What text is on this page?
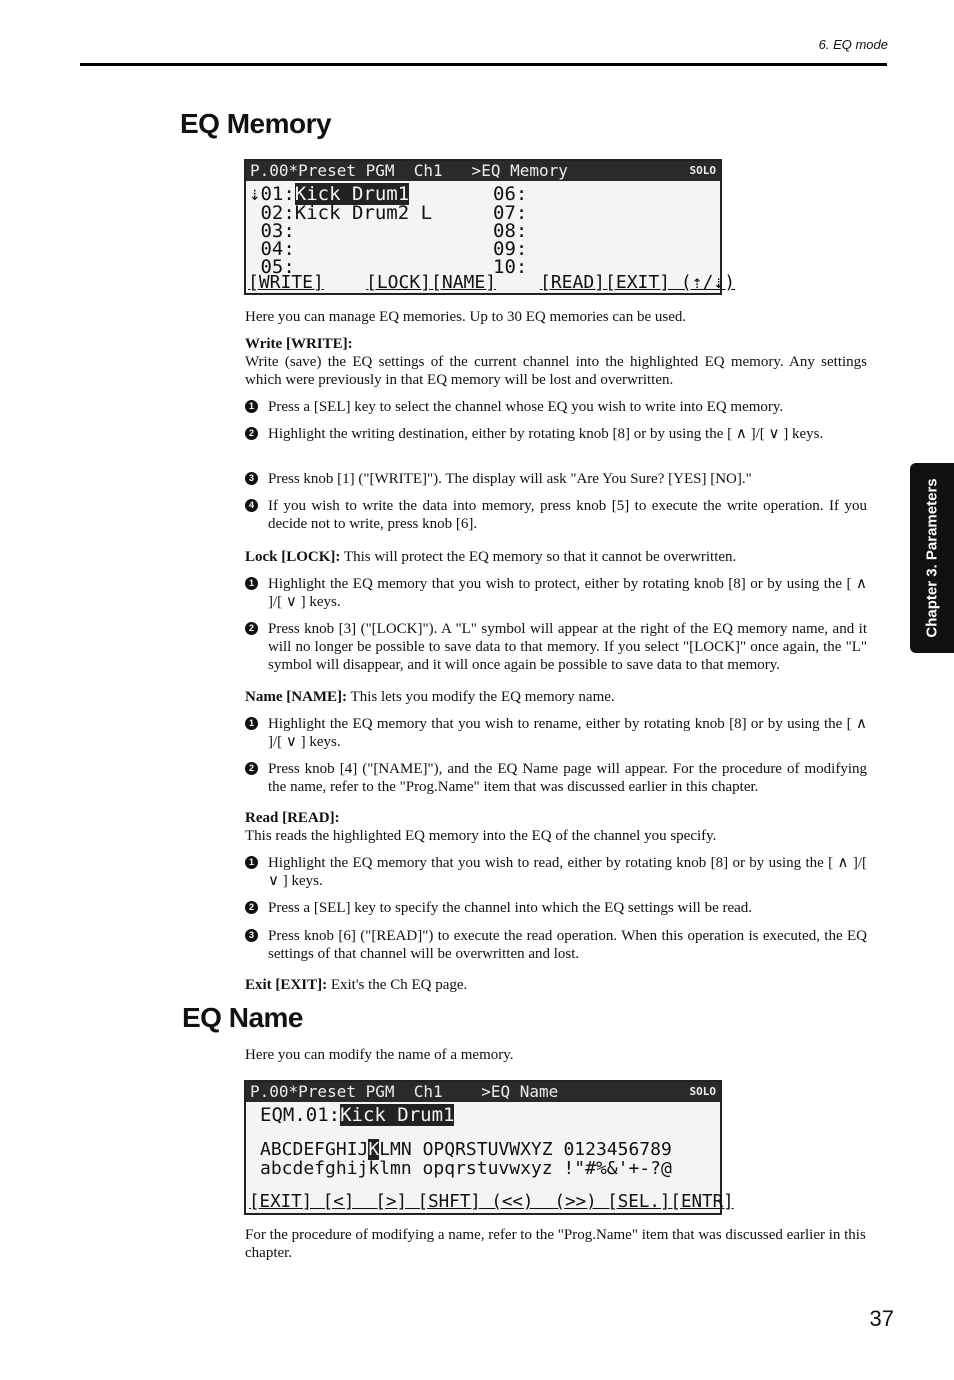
6. EQ mode
EQ Memory
P.00*Preset PGM  Ch1   >EQ Memory	SOLO
⇣01:Kick Drum1
02:Kick Drum2 L
03:
04:
05:
06:
07:
08:
09:
10:
[WRITE] [LOCK][NAME] [READ][EXIT] (⇡/⇣)

Here you can manage EQ memories. Up to 30 EQ memories can be used.

Write [WRITE]:

Write (save) the EQ settings of the current channel into the highlighted EQ memory. Any settings which were previously in that EQ memory will be lost and overwritten.

1 Press a [SEL] key to select the channel whose EQ you wish to write into EQ memory.
2 Highlight the writing destination, either by rotating knob [8] or by using the [ ∧ ]/[ ∨ ] keys.
3 Press knob [1] ("[WRITE]"). The display will ask "Are You Sure? [YES] [NO]."
4 If you wish to write the data into memory, press knob [5] to execute the write operation. If you decide not to write, press knob [6].

Lock [LOCK]: This will protect the EQ memory so that it cannot be overwritten.

1 Highlight the EQ memory that you wish to protect, either by rotating knob [8] or by using the [ ∧ ]/[ ∨ ] keys.
2 Press knob [3] ("[LOCK]"). A "L" symbol will appear at the right of the EQ memory name, and it will no longer be possible to save data to that memory. If you select "[LOCK]" once again, the "L" symbol will disappear, and it will once again be possible to save data to that memory.

Name [NAME]: This lets you modify the EQ memory name.

1 Highlight the EQ memory that you wish to rename, either by rotating knob [8] or by using the [ ∧ ]/[ ∨ ] keys.
2 Press knob [4] ("[NAME]"), and the EQ Name page will appear. For the procedure of modifying the name, refer to the "Prog.Name" item that was discussed earlier in this chapter.

Read [READ]:

This reads the highlighted EQ memory into the EQ of the channel you specify.

1 Highlight the EQ memory that you wish to read, either by rotating knob [8] or by using the [ ∧ ]/[ ∨ ] keys.
2 Press a [SEL] key to specify the channel into which the EQ settings will be read.
3 Press knob [6] ("[READ]") to execute the read operation. When this operation is executed, the EQ settings of that channel will be overwritten and lost.

Exit [EXIT]: Exit's the Ch EQ page.

EQ Name

Here you can modify the name of a memory.

P.00*Preset PGM  Ch1    >EQ Name	SOLO
EQM.01:Kick Drum1
ABCDEFGHIJKLMN OPQRSTUVWXYZ 0123456789
abcdefghijklmn opqrstuvwxyz !"#%&'+-?@
[EXIT] [<]  [>] [SHFT] (<<)  (>>) [SEL.][ENTR]

For the procedure of modifying a name, refer to the "Prog.Name" item that was discussed earlier in this chapter.

Chapter 3. Parameters
37
